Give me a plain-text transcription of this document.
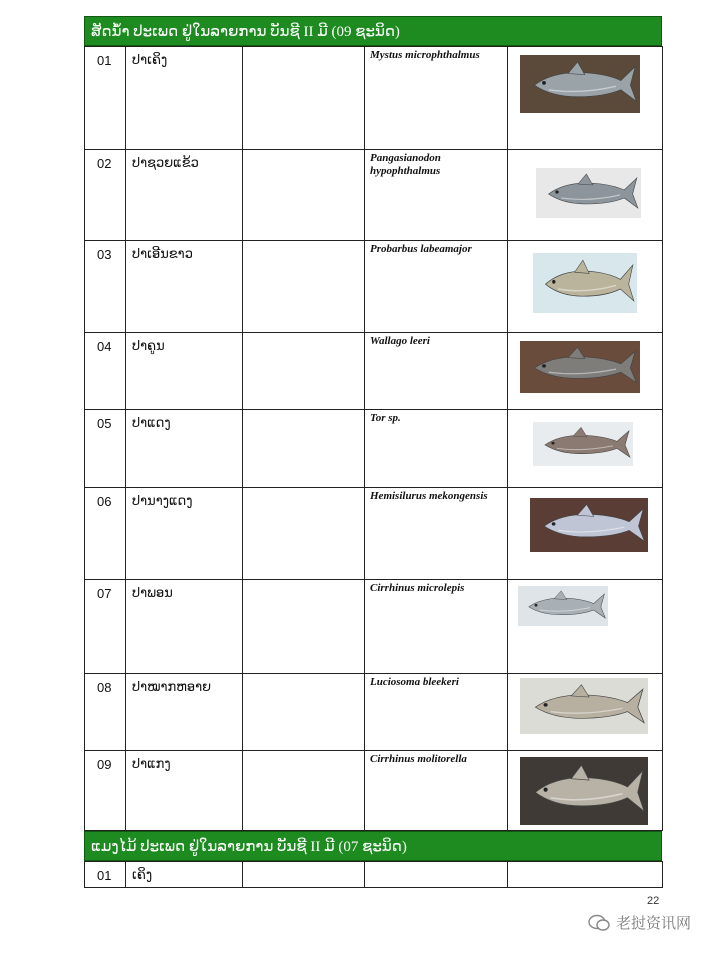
ສັດນ້ຳ ປະເພດ ຢູ່ໃນລາຍການ ບັນຊີ II ມີ (09 ຊະນິດ)
01	ປາເຄິງ		Mystus microphthalmus	

02	ປາຊວຍແຂ້ວ		Pangasianodon hypophthalmus	

03	ປາເອີນຂາວ		Probarbus labeamajor	

04	ປາຄູນ		Wallago leeri	

05	ປາແດງ		Tor sp.	

06	ປານາງແດງ		Hemisilurus mekongensis	

07	ປາພອນ		Cirrhinus microlepis	

08	ປາໝາກຫອາຍ		Luciosoma bleekeri	

09	ປາແກງ		Cirrhinus molitorella	
ແມງໄມ້ ປະເພດ ຢູ່ໃນລາຍການ ບັນຊີ II ມີ (07 ຊະນິດ)
01	ເຄິງ			
22
老挝资讯网
